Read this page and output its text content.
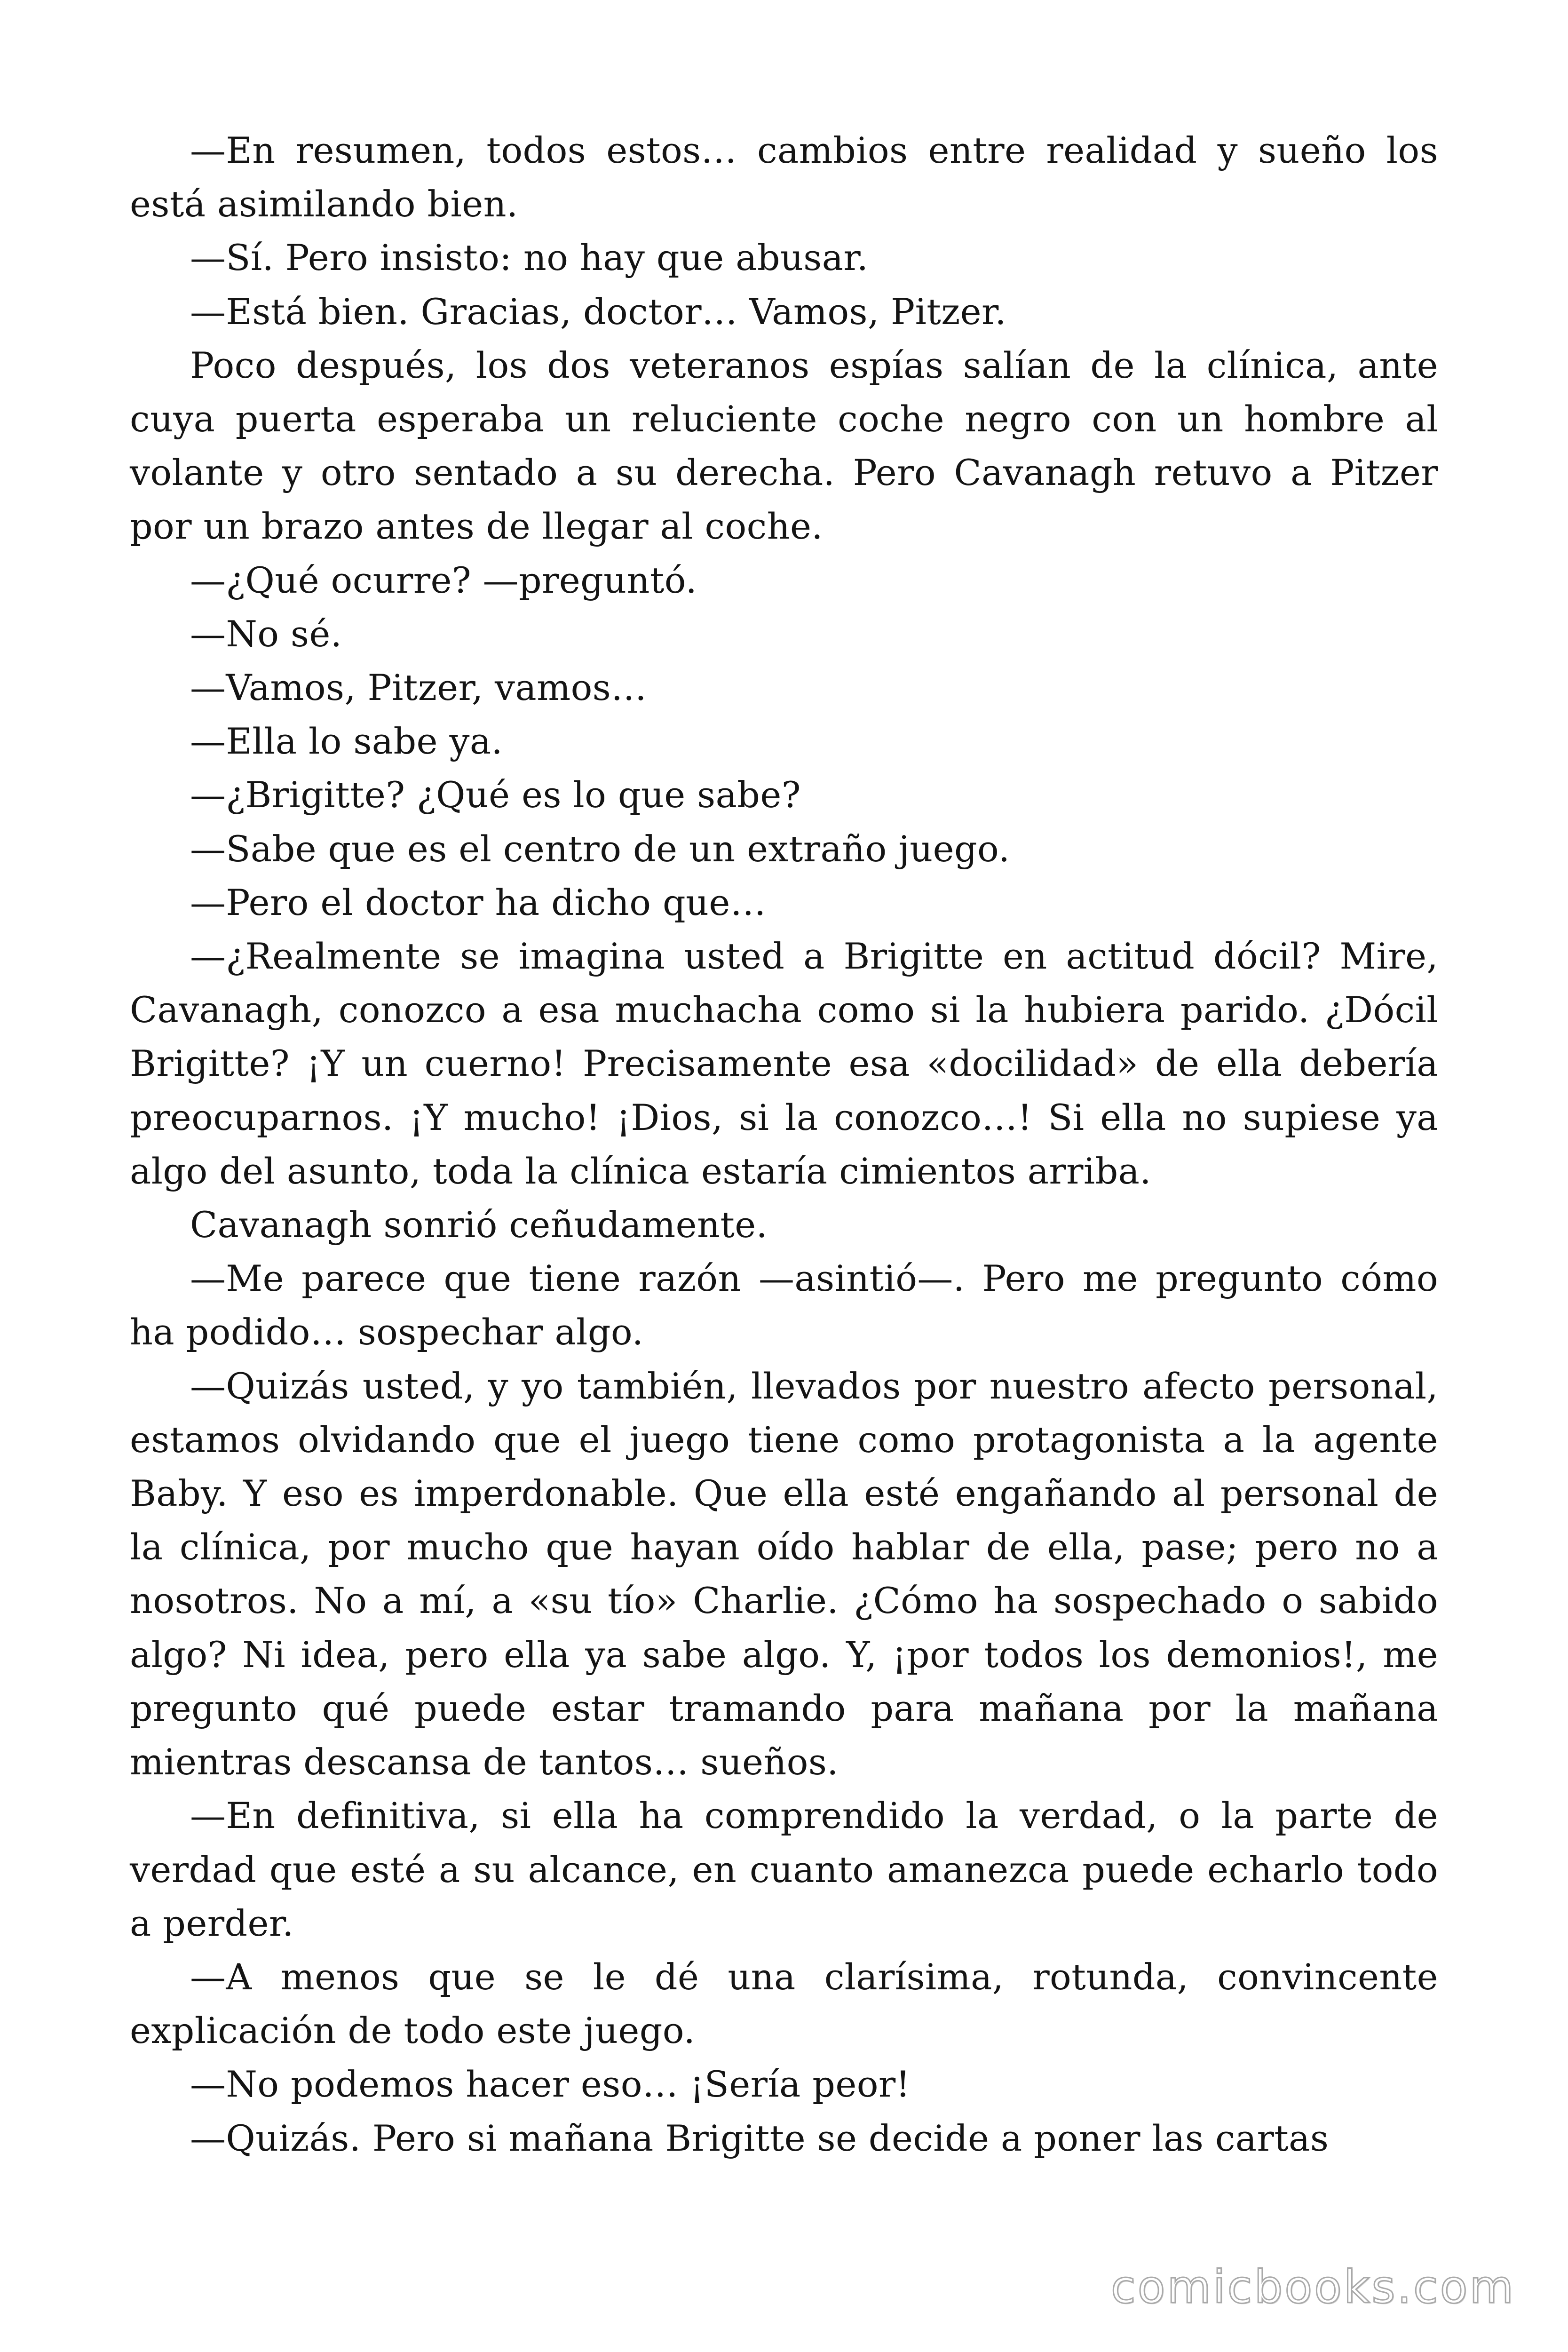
—En resumen, todos estos… cambios entre realidad y sueño los está asimilando bien.

—Sí. Pero insisto: no hay que abusar.

—Está bien. Gracias, doctor… Vamos, Pitzer.

Poco después, los dos veteranos espías salían de la clínica, ante cuya puerta esperaba un reluciente coche negro con un hombre al volante y otro sentado a su derecha. Pero Cavanagh retuvo a Pitzer por un brazo antes de llegar al coche.

—¿Qué ocurre? —preguntó.

—No sé.

—Vamos, Pitzer, vamos…

—Ella lo sabe ya.

—¿Brigitte? ¿Qué es lo que sabe?

—Sabe que es el centro de un extraño juego.

—Pero el doctor ha dicho que…

—¿Realmente se imagina usted a Brigitte en actitud dócil? Mire, Cavanagh, conozco a esa muchacha como si la hubiera parido. ¿Dócil Brigitte? ¡Y un cuerno! Precisamente esa «docilidad» de ella debería preocuparnos. ¡Y mucho! ¡Dios, si la conozco…! Si ella no supiese ya algo del asunto, toda la clínica estaría cimientos arriba.

Cavanagh sonrió ceñudamente.

—Me parece que tiene razón —asintió—. Pero me pregunto cómo ha podido… sospechar algo.

—Quizás usted, y yo también, llevados por nuestro afecto personal, estamos olvidando que el juego tiene como protagonista a la agente Baby. Y eso es imperdonable. Que ella esté engañando al personal de la clínica, por mucho que hayan oído hablar de ella, pase; pero no a nosotros. No a mí, a «su tío» Charlie. ¿Cómo ha sospechado o sabido algo? Ni idea, pero ella ya sabe algo. Y, ¡por todos los demonios!, me pregunto qué puede estar tramando para mañana por la mañana mientras descansa de tantos… sueños.

—En definitiva, si ella ha comprendido la verdad, o la parte de verdad que esté a su alcance, en cuanto amanezca puede echarlo todo a perder.

—A menos que se le dé una clarísima, rotunda, convincente explicación de todo este juego.

—No podemos hacer eso… ¡Sería peor!

—Quizás. Pero si mañana Brigitte se decide a poner las cartas

comicbooks.com
